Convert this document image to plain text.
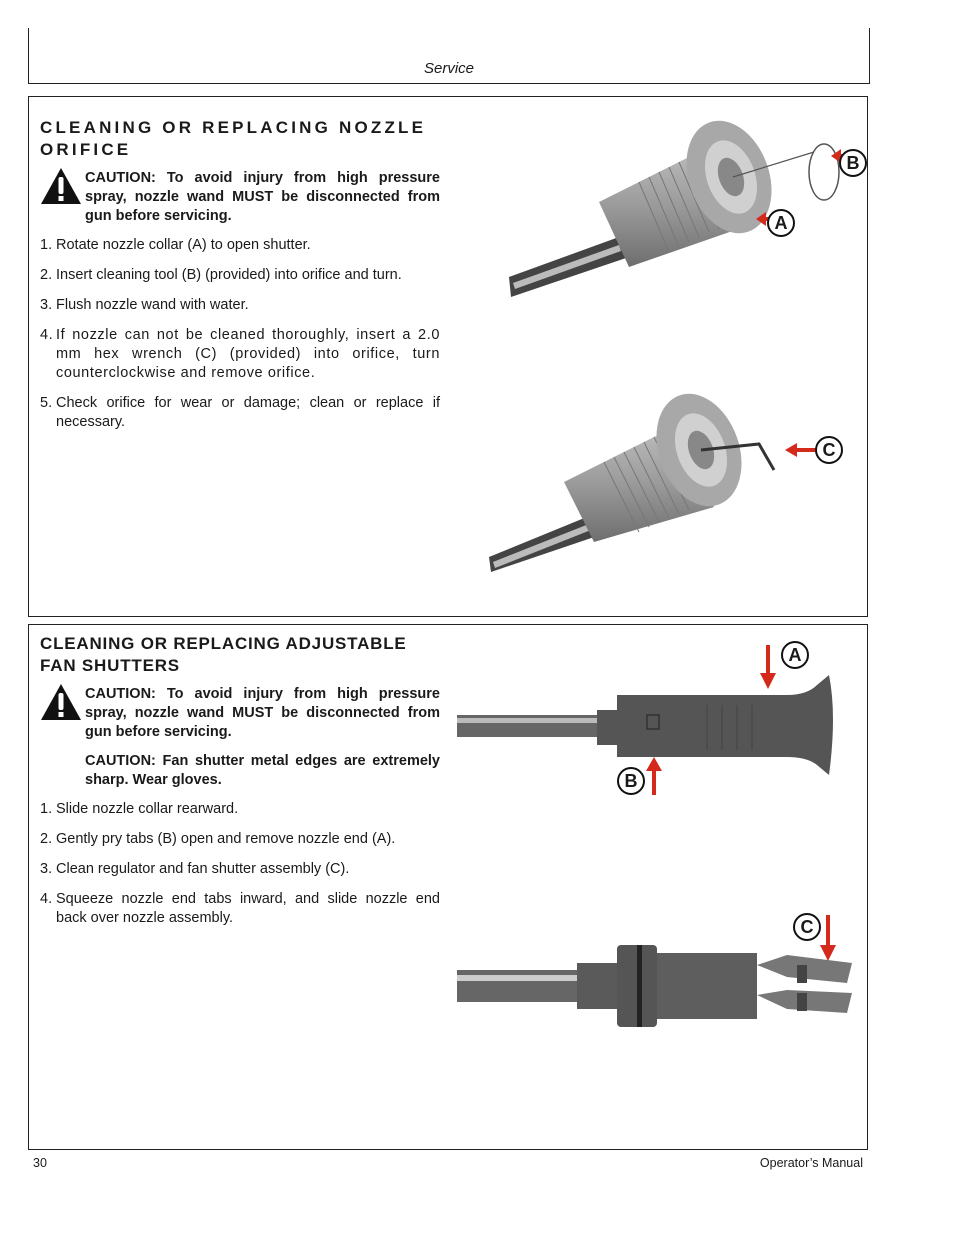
Service
CLEANING OR REPLACING NOZZLE ORIFICE
CAUTION: To avoid injury from high pressure spray, nozzle wand MUST be disconnected from gun before servicing.
1. Rotate nozzle collar (A) to open shutter.
2. Insert cleaning tool (B) (provided) into orifice and turn.
3. Flush nozzle wand with water.
4. If nozzle can not be cleaned thoroughly, insert a 2.0 mm hex wrench (C) (provided) into orifice, turn counterclockwise and remove orifice.
5. Check orifice for wear or damage; clean or replace if necessary.
B
A
C
CLEANING OR REPLACING ADJUSTABLE FAN SHUTTERS
CAUTION: To avoid injury from high pressure spray, nozzle wand MUST be disconnected from gun before servicing.
CAUTION: Fan shutter metal edges are extremely sharp. Wear gloves.
1. Slide nozzle collar rearward.
2. Gently pry tabs (B) open and remove nozzle end (A).
3. Clean regulator and fan shutter assembly (C).
4. Squeeze nozzle end tabs inward, and slide nozzle end back over nozzle assembly.
A
B
C
30	Operator’s Manual
